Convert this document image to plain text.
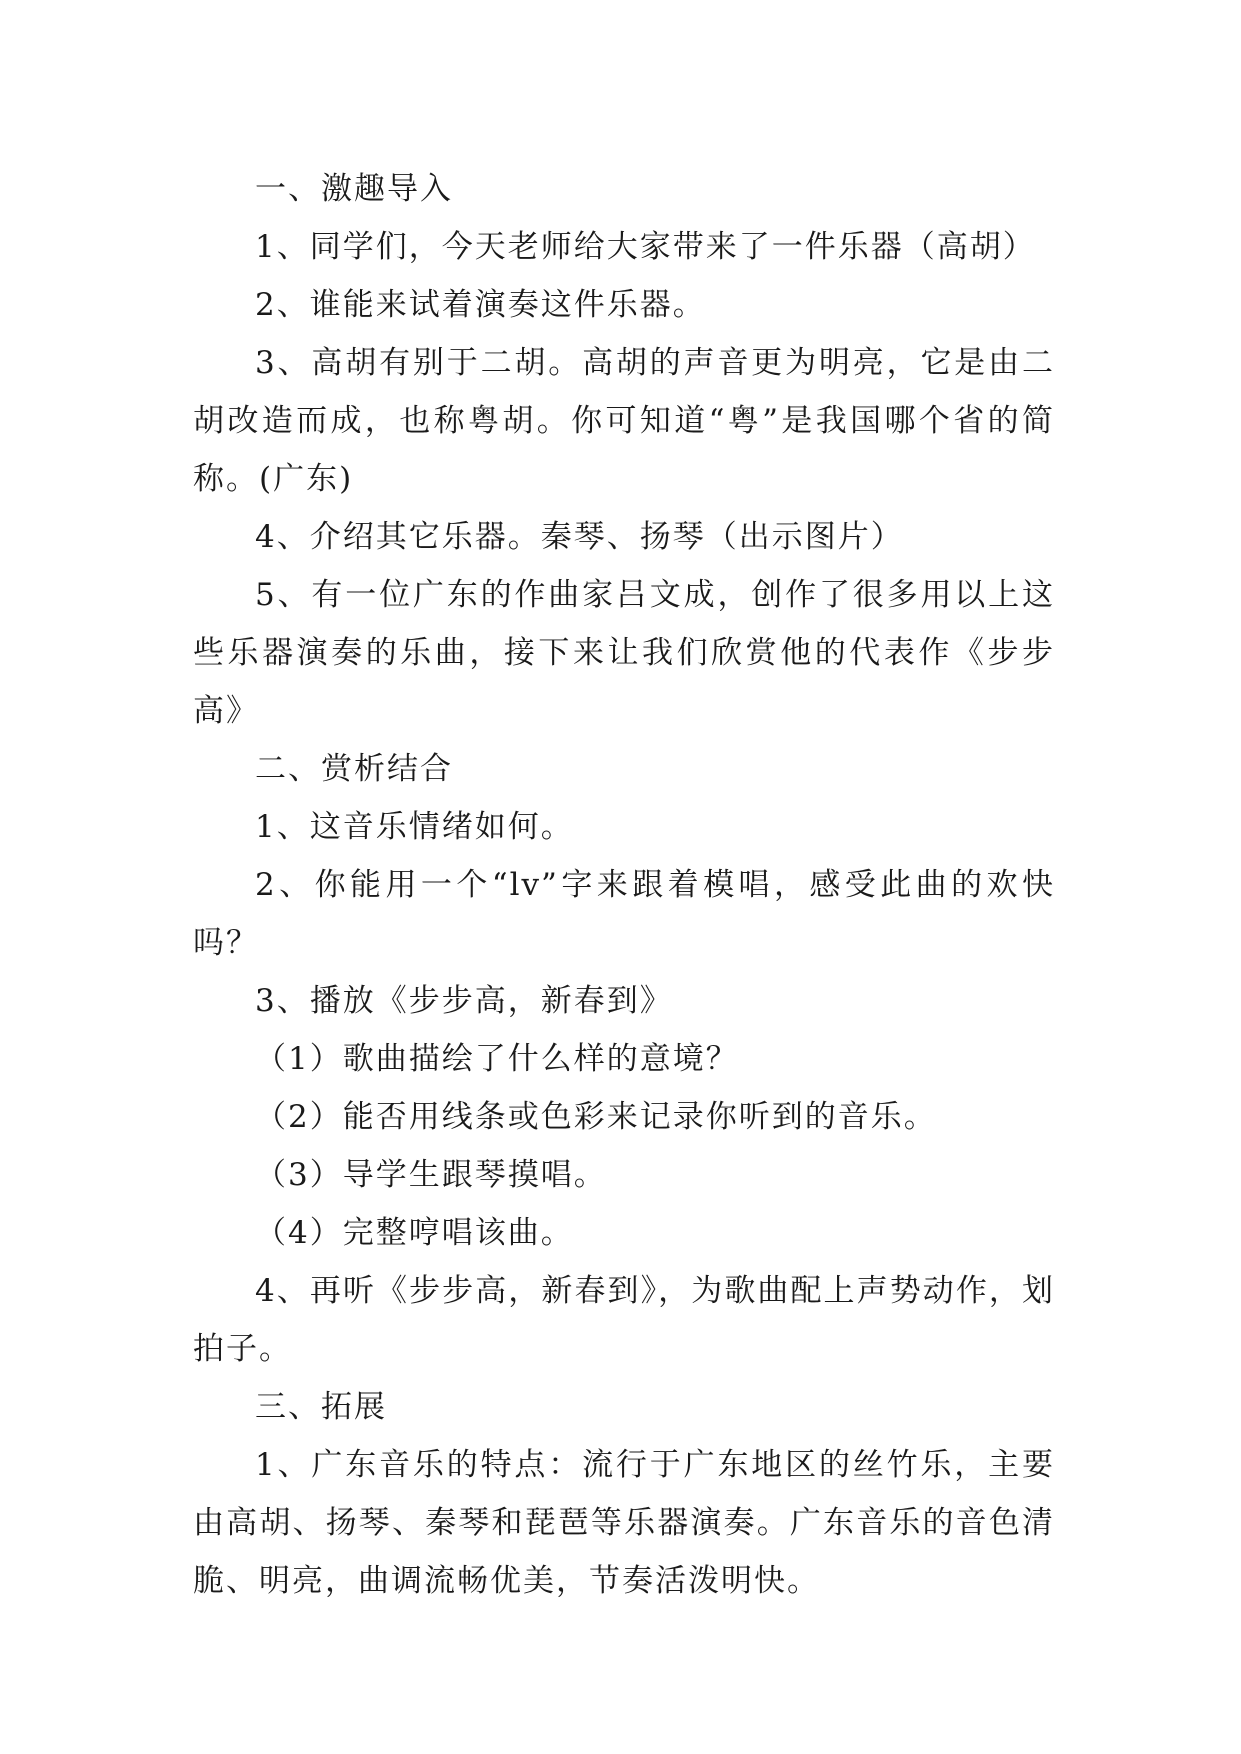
一、激趣导入

1、同学们，今天老师给大家带来了一件乐器（高胡）

2、谁能来试着演奏这件乐器。

3、高胡有别于二胡。高胡的声音更为明亮，它是由二胡改造而成，也称粤胡。你可知道“粤”是我国哪个省的简称。(广东)

4、介绍其它乐器。秦琴、扬琴（出示图片）

5、有一位广东的作曲家吕文成，创作了很多用以上这些乐器演奏的乐曲，接下来让我们欣赏他的代表作《步步高》

二、赏析结合

1、这音乐情绪如何。

2、你能用一个“lv”字来跟着模唱，感受此曲的欢快吗？

3、播放《步步高，新春到》

（1）歌曲描绘了什么样的意境？

（2）能否用线条或色彩来记录你听到的音乐。

（3）导学生跟琴摸唱。

（4）完整哼唱该曲。

4、再听《步步高，新春到》，为歌曲配上声势动作，划拍子。

三、拓展

1、广东音乐的特点：流行于广东地区的丝竹乐，主要由高胡、扬琴、秦琴和琵琶等乐器演奏。广东音乐的音色清脆、明亮，曲调流畅优美，节奏活泼明快。
